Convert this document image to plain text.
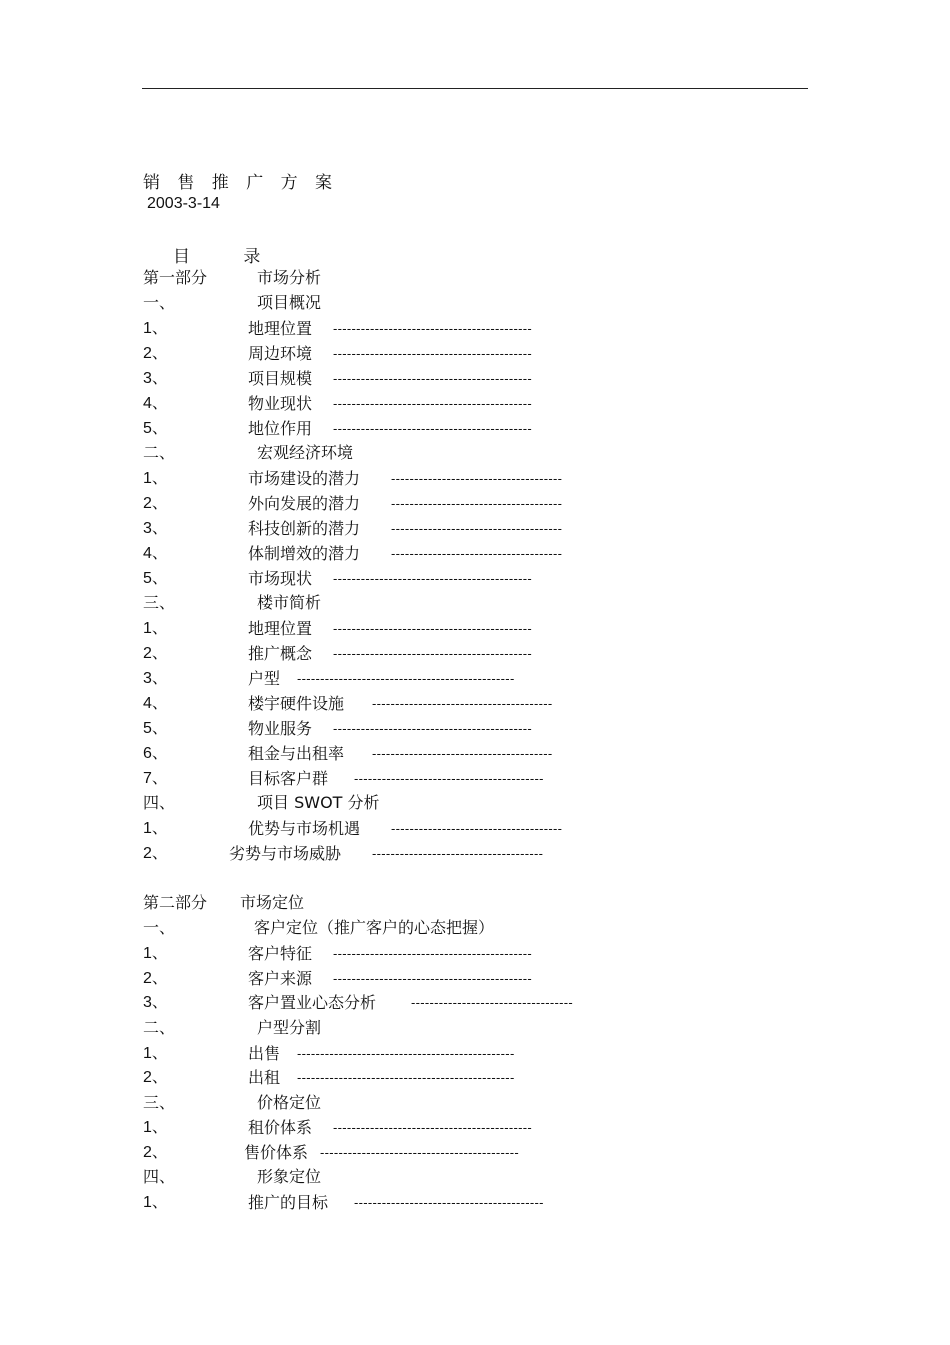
销 售 推 广 方 案
2003-3-14
目 录
第一部分	市场分析
一、	项目概况
1、	地理位置 -------------------------------------------
2、	周边环境 -------------------------------------------
3、	项目规模 -------------------------------------------
4、	物业现状 -------------------------------------------
5、	地位作用 -------------------------------------------
二、	宏观经济环境
1、	市场建设的潜力 -------------------------------------
2、	外向发展的潜力 -------------------------------------
3、	科技创新的潜力 -------------------------------------
4、	体制增效的潜力 -------------------------------------
5、	市场现状 -------------------------------------------
三、	楼市简析
1、	地理位置 -------------------------------------------
2、	推广概念 -------------------------------------------
3、	户型 -----------------------------------------------
4、	楼宇硬件设施 ---------------------------------------
5、	物业服务 -------------------------------------------
6、	租金与出租率 ---------------------------------------
7、	目标客户群 -----------------------------------------
四、	项目 SWOT 分析
1、	优势与市场机遇 -------------------------------------
2、	劣势与市场威胁 -------------------------------------
第二部分 市场定位
一、	客户定位（推广客户的心态把握）
1、	客户特征 -------------------------------------------
2、	客户来源 -------------------------------------------
3、	客户置业心态分析	-----------------------------------
二、	户型分割
1、	出售 -----------------------------------------------
2、	出租 -----------------------------------------------
三、	价格定位
1、	租价体系 -------------------------------------------
2、	售价体系 -------------------------------------------
四、	形象定位
1、	推广的目标 -----------------------------------------
